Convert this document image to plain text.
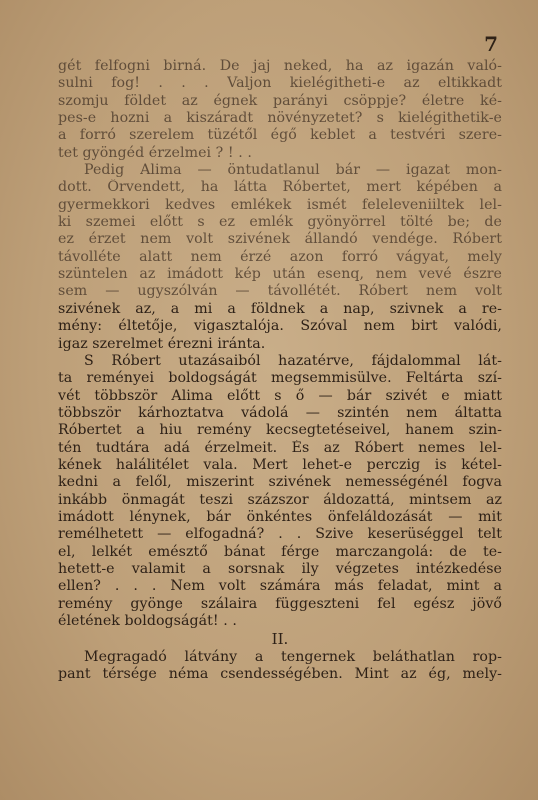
7
gét felfogni birná. De jaj neked, ha az igazán való-
sulni fog! . . . Valjon kielégitheti-e az eltikkadt
szomju földet az égnek parányi csöppje? életre ké-
pes-e hozni a kiszáradt növényzetet? s kielégithetik-e
a forró szerelem tüzétől égő keblet a testvéri szere-
tet gyöngéd érzelmei ? ! . .
Pedig Alima — öntudatlanul bár — igazat mon-
dott. Örvendett, ha látta Róbertet, mert képében a
gyermekkori kedves emlékek ismét feleleveniiltek lel-
ki szemei előtt s ez emlék gyönyörrel tölté be; de
ez érzet nem volt szivének állandó vendége. Róbert
távolléte alatt nem érzé azon forró vágyat, mely
szüntelen az imádott kép után esenq, nem vevé észre
sem — ugyszólván — távollétét. Róbert nem volt
szivének az, a mi a földnek a nap, szivnek a re-
mény: éltetője, vigasztalója. Szóval nem birt valódi,
igaz szerelmet érezni iránta.
S Róbert utazásaiból hazatérve, fájdalommal lát-
ta reményei boldogságát megsemmisülve. Feltárta szí-
vét többször Alima előtt s ő — bár szivét e miatt
többször kárhoztatva vádolá — szintén nem áltatta
Róbertet a hiu remény kecsegtetéseivel, hanem szin-
tén tudtára adá érzelmeit. És az Róbert nemes lel-
kének halálitélet vala. Mert lehet-e perczig is kétel-
kedni a felől, miszerint szivének nemességénél fogva
inkább önmagát teszi százszor áldozattá, mintsem az
imádott lénynek, bár önkéntes önfeláldozását — mit
remélhetett — elfogadná? . . Szive keserüséggel telt
el, lelkét emésztő bánat férge marczangolá: de te-
hetett-e valamit a sorsnak ily végzetes intézkedése
ellen? . . . Nem volt számára más feladat, mint a
remény gyönge szálaira függeszteni fel egész jövő
életének boldogságát! . .
II.
Megragadó látvány a tengernek beláthatlan rop-
pant térsége néma csendességében. Mint az ég, mely-
